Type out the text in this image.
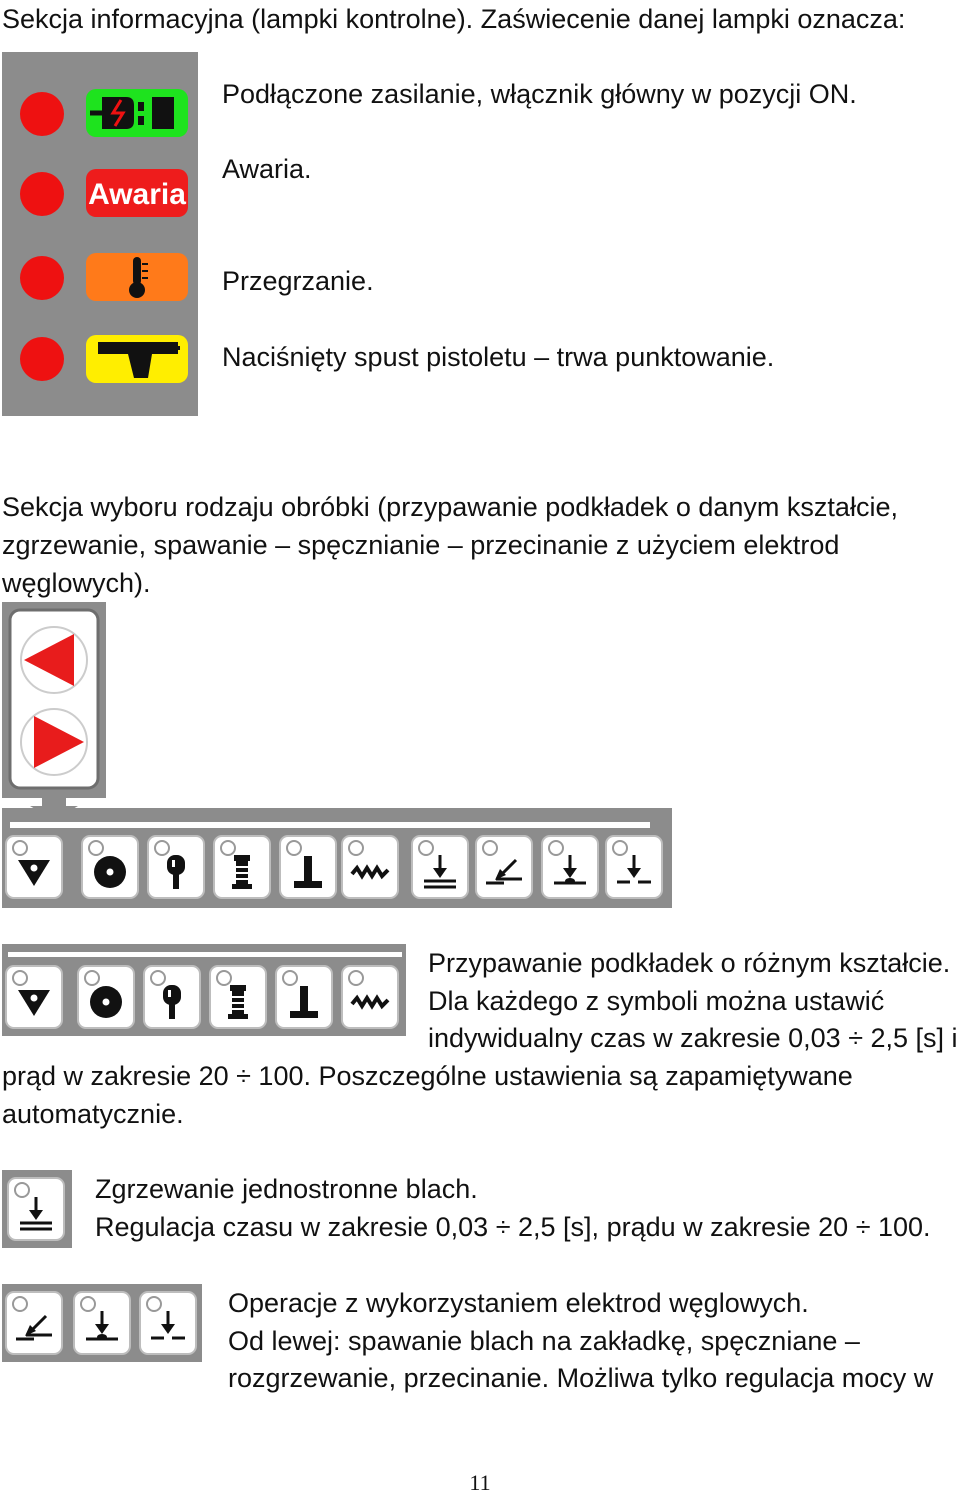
Sekcja informacyjna (lampki kontrolne). Zaświecenie danej lampki oznacza:
Awaria
Podłączone zasilanie, włącznik główny w pozycji ON.
Awaria.
Przegrzanie.
Naciśnięty spust pistoletu – trwa punktowanie.
Sekcja wyboru rodzaju obróbki (przypawanie podkładek o danym kształcie,
zgrzewanie, spawanie – spęcznianie – przecinanie z użyciem elektrod
węglowych).
Przypawanie podkładek o różnym kształcie.
Dla każdego z symboli można ustawić
indywidualny czas w zakresie 0,03 ÷ 2,5 [s] i
prąd w zakresie 20 ÷ 100. Poszczególne ustawienia są zapamiętywane
automatycznie.
Zgrzewanie jednostronne blach.
Regulacja czasu w zakresie 0,03 ÷ 2,5 [s], prądu w zakresie 20 ÷ 100.
Operacje z wykorzystaniem elektrod węglowych.
Od lewej: spawanie blach na zakładkę, spęczniane –
rozgrzewanie, przecinanie. Możliwa tylko regulacja mocy w
11
